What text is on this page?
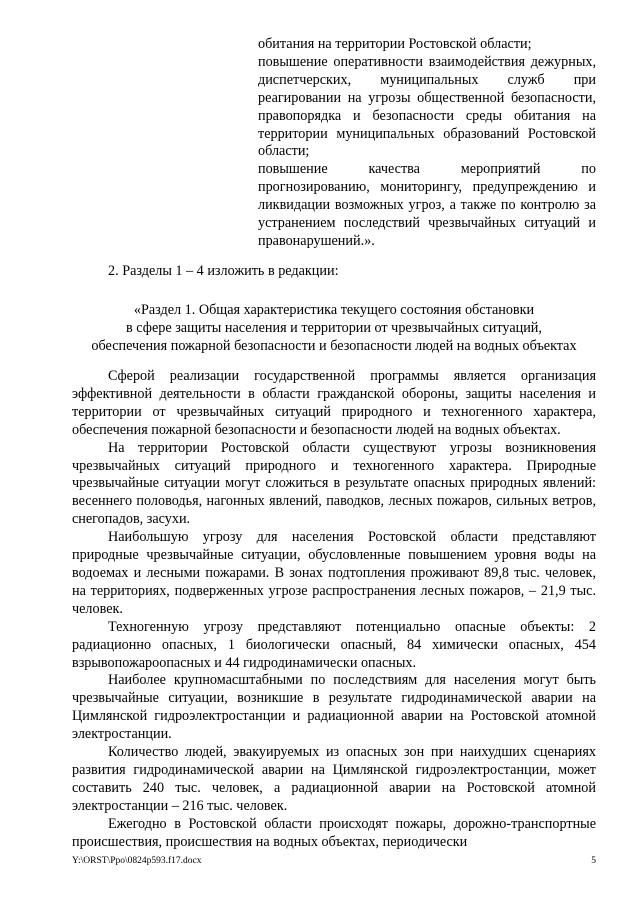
обитания на территории Ростовской области;

повышение оперативности взаимодействия дежурных, диспетчерских, муниципальных служб при реагировании на угрозы общественной безопасности, правопорядка и безопасности среды обитания на территории муниципальных образований Ростовской области;

повышение качества мероприятий по прогнозированию, мониторингу, предупреждению и ликвидации возможных угроз, а также по контролю за устранением последствий чрезвычайных ситуаций и правонарушений.».

2. Разделы 1 – 4 изложить в редакции:
«Раздел 1. Общая характеристика текущего состояния обстановки
в сфере защиты населения и территории от чрезвычайных ситуаций,
обеспечения пожарной безопасности и безопасности людей на водных объектах

Сферой реализации государственной программы является организация эффективной деятельности в области гражданской обороны, защиты населения и территории от чрезвычайных ситуаций природного и техногенного характера, обеспечения пожарной безопасности и безопасности людей на водных объектах.

На территории Ростовской области существуют угрозы возникновения чрезвычайных ситуаций природного и техногенного характера. Природные чрезвычайные ситуации могут сложиться в результате опасных природных явлений: весеннего половодья, нагонных явлений, паводков, лесных пожаров, сильных ветров, снегопадов, засухи.

Наибольшую угрозу для населения Ростовской области представляют природные чрезвычайные ситуации, обусловленные повышением уровня воды на водоемах и лесными пожарами. В зонах подтопления проживают 89,8 тыс. человек, на территориях, подверженных угрозе распространения лесных пожаров, – 21,9 тыс. человек.

Техногенную угрозу представляют потенциально опасные объекты: 2 радиационно опасных, 1 биологически опасный, 84 химически опасных, 454 взрывопожароопасных и 44 гидродинамически опасных.

Наиболее крупномасштабными по последствиям для населения могут быть чрезвычайные ситуации, возникшие в результате гидродинамической аварии на Цимлянской гидроэлектростанции и радиационной аварии на Ростовской атомной электростанции.

Количество людей, эвакуируемых из опасных зон при наихудших сценариях развития гидродинамической аварии на Цимлянской гидроэлектростанции, может составить 240 тыс. человек, а радиационной аварии на Ростовской атомной электростанции – 216 тыс. человек.

Ежегодно в Ростовской области происходят пожары, дорожно-транспортные происшествия, происшествия на водных объектах, периодически

Y:\ORST\Ppo\0824p593.f17.docx	5
